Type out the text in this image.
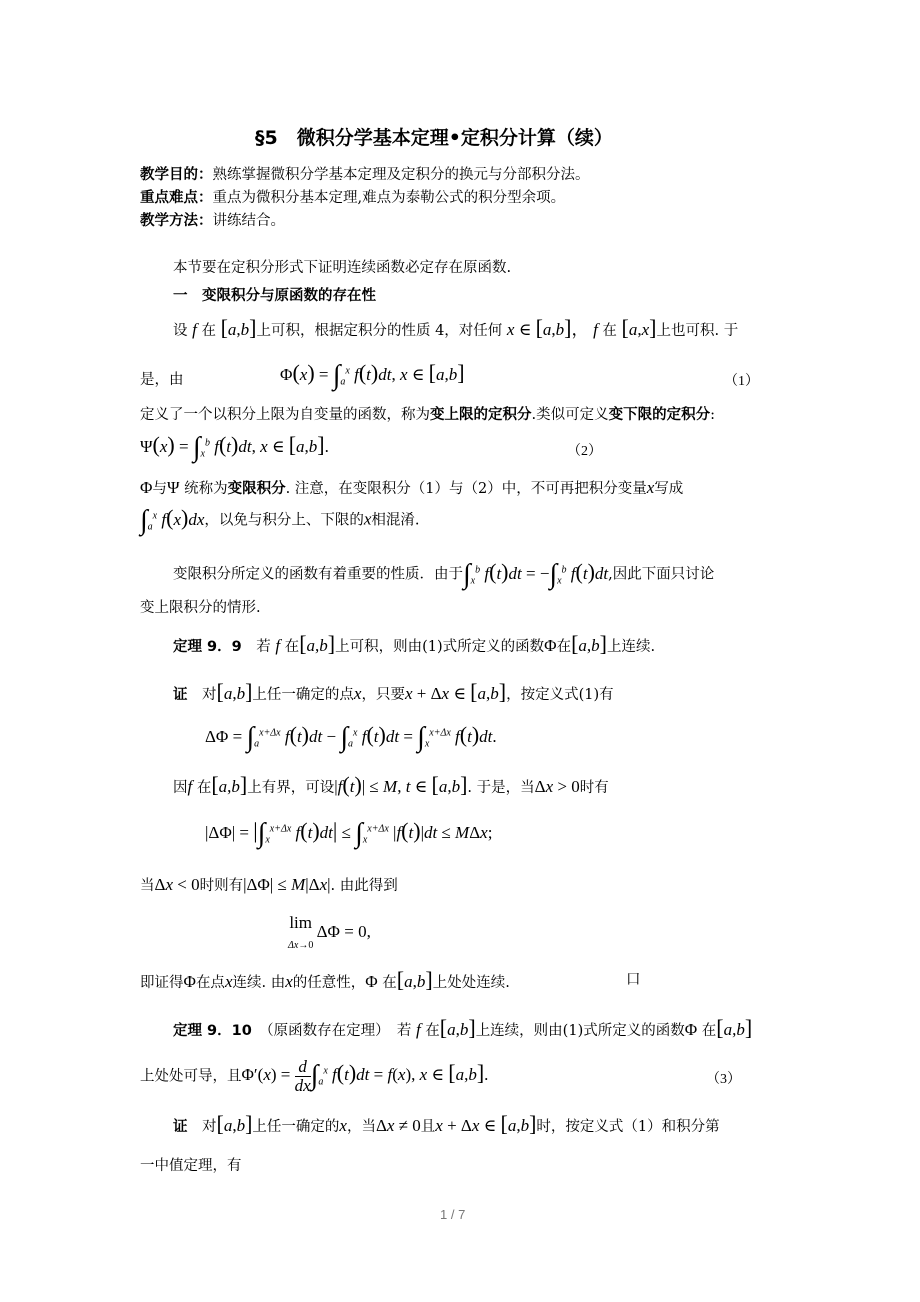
§5　微积分学基本定理•定积分计算（续）
教学目的：熟练掌握微积分学基本定理及定积分的换元与分部积分法。
重点难点：重点为微积分基本定理,难点为泰勒公式的积分型余项。
教学方法：讲练结合。
本节要在定积分形式下证明连续函数必定存在原函数.
一　变限积分与原函数的存在性
设 f 在 [a,b]上可积，根据定积分的性质 4，对任何 x ∈ [a,b]， f 在 [a,x]上也可积. 于
是，由	$\Phi(x) = \int_a^x$ f(t)dt, x ∈ [a,b]	（1）
定义了一个以积分上限为自变量的函数，称为变上限的定积分.类似可定义变下限的定积分:
$\Psi(x) = \int_x^b$ f(t)dt, x ∈ [a,b].	（2）
Φ与Ψ 统称为变限积分. 注意，在变限积分（1）与（2）中，不可再把积分变量x写成
$\int_a^x$ f(x)dx，以免与积分上、下限的x相混淆.
变限积分所定义的函数有着重要的性质．由于$\int_x^b$ $f(t)dt = -\int_x^b$ f(t)dt,因此下面只讨论
变上限积分的情形.
定理 9．9　 若 f 在[a,b]上可积，则由(1)式所定义的函数Φ在[a,b]上连续.
证　 对[a,b]上任一确定的点x，只要x + Δx ∈ [a,b]，按定义式(1)有
$\Delta\Phi = \int_a^{x+\Delta x}$ $f(t)dt - \int_a^x$ $f(t)dt = \int_x^{x+\Delta x}$ f(t)dt.
因f 在[a,b]上有界，可设|f(t)| ≤ M, t ∈ [a,b]. 于是，当Δx > 0时有
$|\Delta\Phi| = |\int_x^{x+\Delta x}$ $f(t)dt| \le \int_x^{x+\Delta x}$ |f(t)|dt ≤ MΔx;
当Δx < 0时则有|ΔΦ| ≤ M|Δx|. 由此得到
lim
Δx→0 ΔΦ = 0,
即证得Φ在点x连续. 由x的任意性，Φ 在[a,b]上处处连续.	口
定理 9．10　 （原函数存在定理）　 若 f 在[a,b]上连续，则由(1)式所定义的函数Φ 在[a,b]
上处处可导，且$\Phi'(x) = \frac{d}{dx} \int_a^x$ f(t)dt = f(x), x ∈ [a,b].	（3）
证　 对[a,b]上任一确定的x，当Δx ≠ 0且x + Δx ∈ [a,b]时，按定义式（1）和积分第
一中值定理，有
1 / 7
